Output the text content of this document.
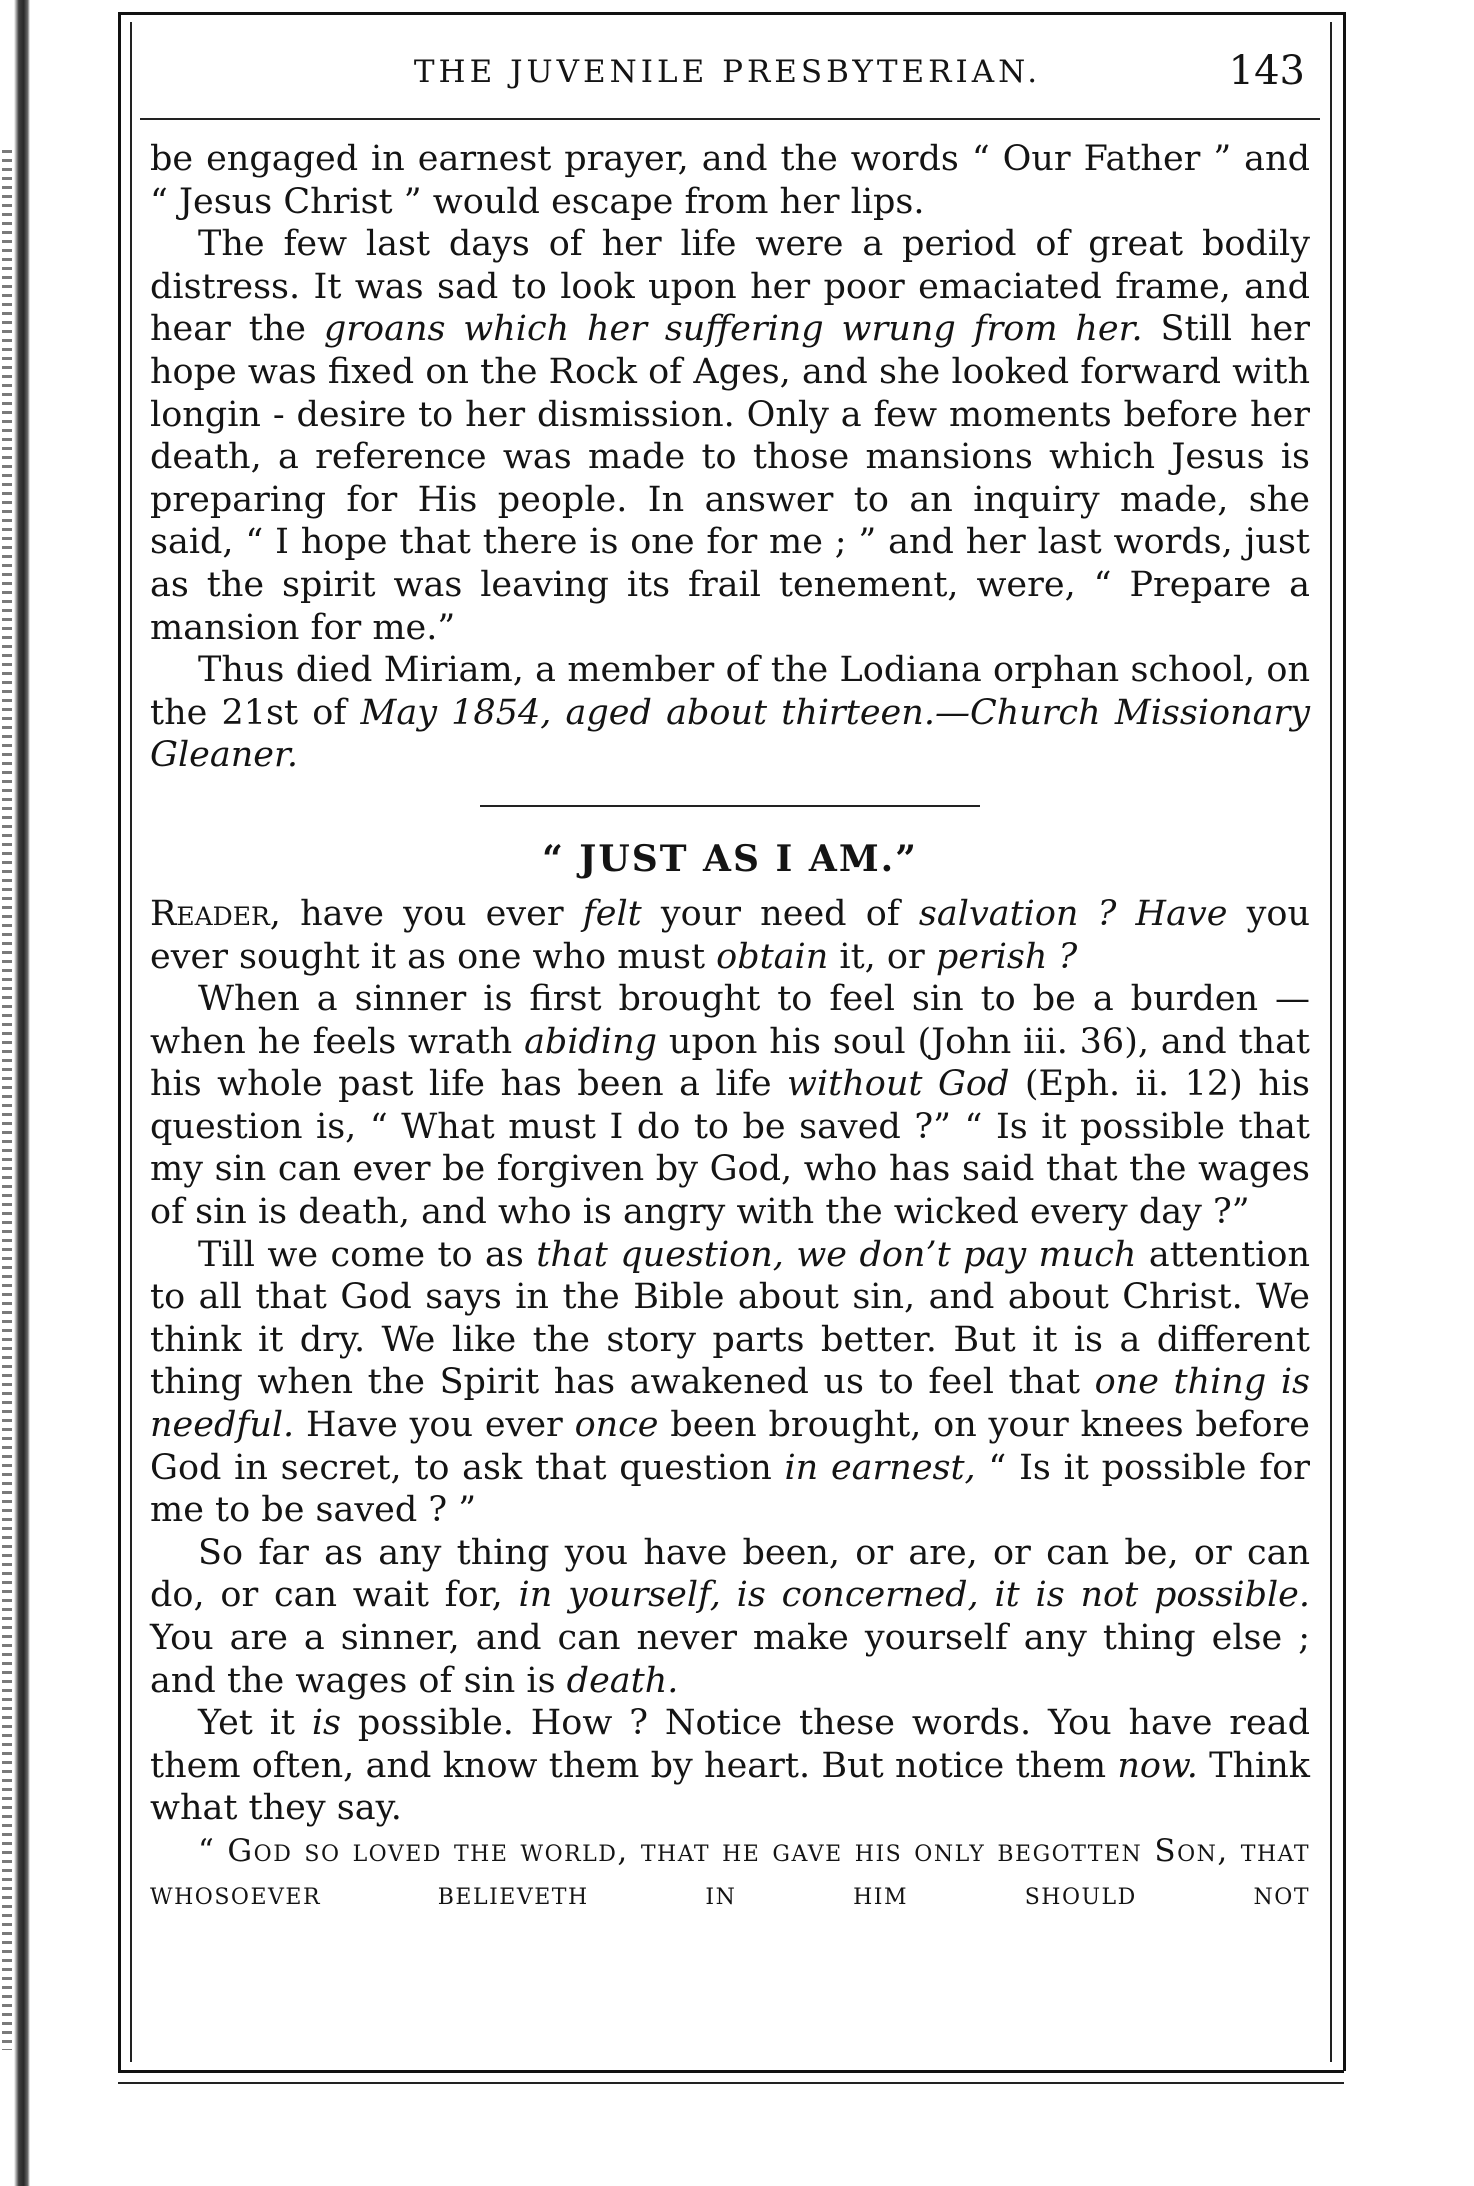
THE JUVENILE PRESBYTERIAN.	143

be engaged in earnest prayer, and the words “ Our Father ” and “ Jesus Christ ” would escape from her lips.

The few last days of her life were a period of great bodily distress. It was sad to look upon her poor emaciated frame, and hear the groans which her suffering wrung from her. Still her hope was fixed on the Rock of Ages, and she looked forward with longin - desire to her dismission. Only a few moments before her death, a reference was made to those mansions which Jesus is preparing for His people. In answer to an inquiry made, she said, “ I hope that there is one for me ; ” and her last words, just as the spirit was leaving its frail tenement, were, “ Prepare a mansion for me.”

Thus died Miriam, a member of the Lodiana orphan school, on the 21st of May 1854, aged about thirteen.—Church Missionary Gleaner.

“ JUST AS I AM.”

Reader, have you ever felt your need of salvation ? Have you ever sought it as one who must obtain it, or perish ?

When a sinner is first brought to feel sin to be a burden —when he feels wrath abiding upon his soul (John iii. 36), and that his whole past life has been a life without God (Eph. ii. 12) his question is, “ What must I do to be saved ?” “ Is it possible that my sin can ever be forgiven by God, who has said that the wages of sin is death, and who is angry with the wicked every day ?”

Till we come to as that question, we don’t pay much attention to all that God says in the Bible about sin, and about Christ. We think it dry. We like the story parts better. But it is a different thing when the Spirit has awakened us to feel that one thing is needful. Have you ever once been brought, on your knees before God in secret, to ask that question in earnest, “ Is it possible for me to be saved ? ”

So far as any thing you have been, or are, or can be, or can do, or can wait for, in yourself, is concerned, it is not possible. You are a sinner, and can never make yourself any thing else ; and the wages of sin is death.

Yet it is possible. How ? Notice these words. You have read them often, and know them by heart. But notice them now. Think what they say.

“ God so loved the world, that he gave his only begotten Son, that whosoever believeth in him should not
